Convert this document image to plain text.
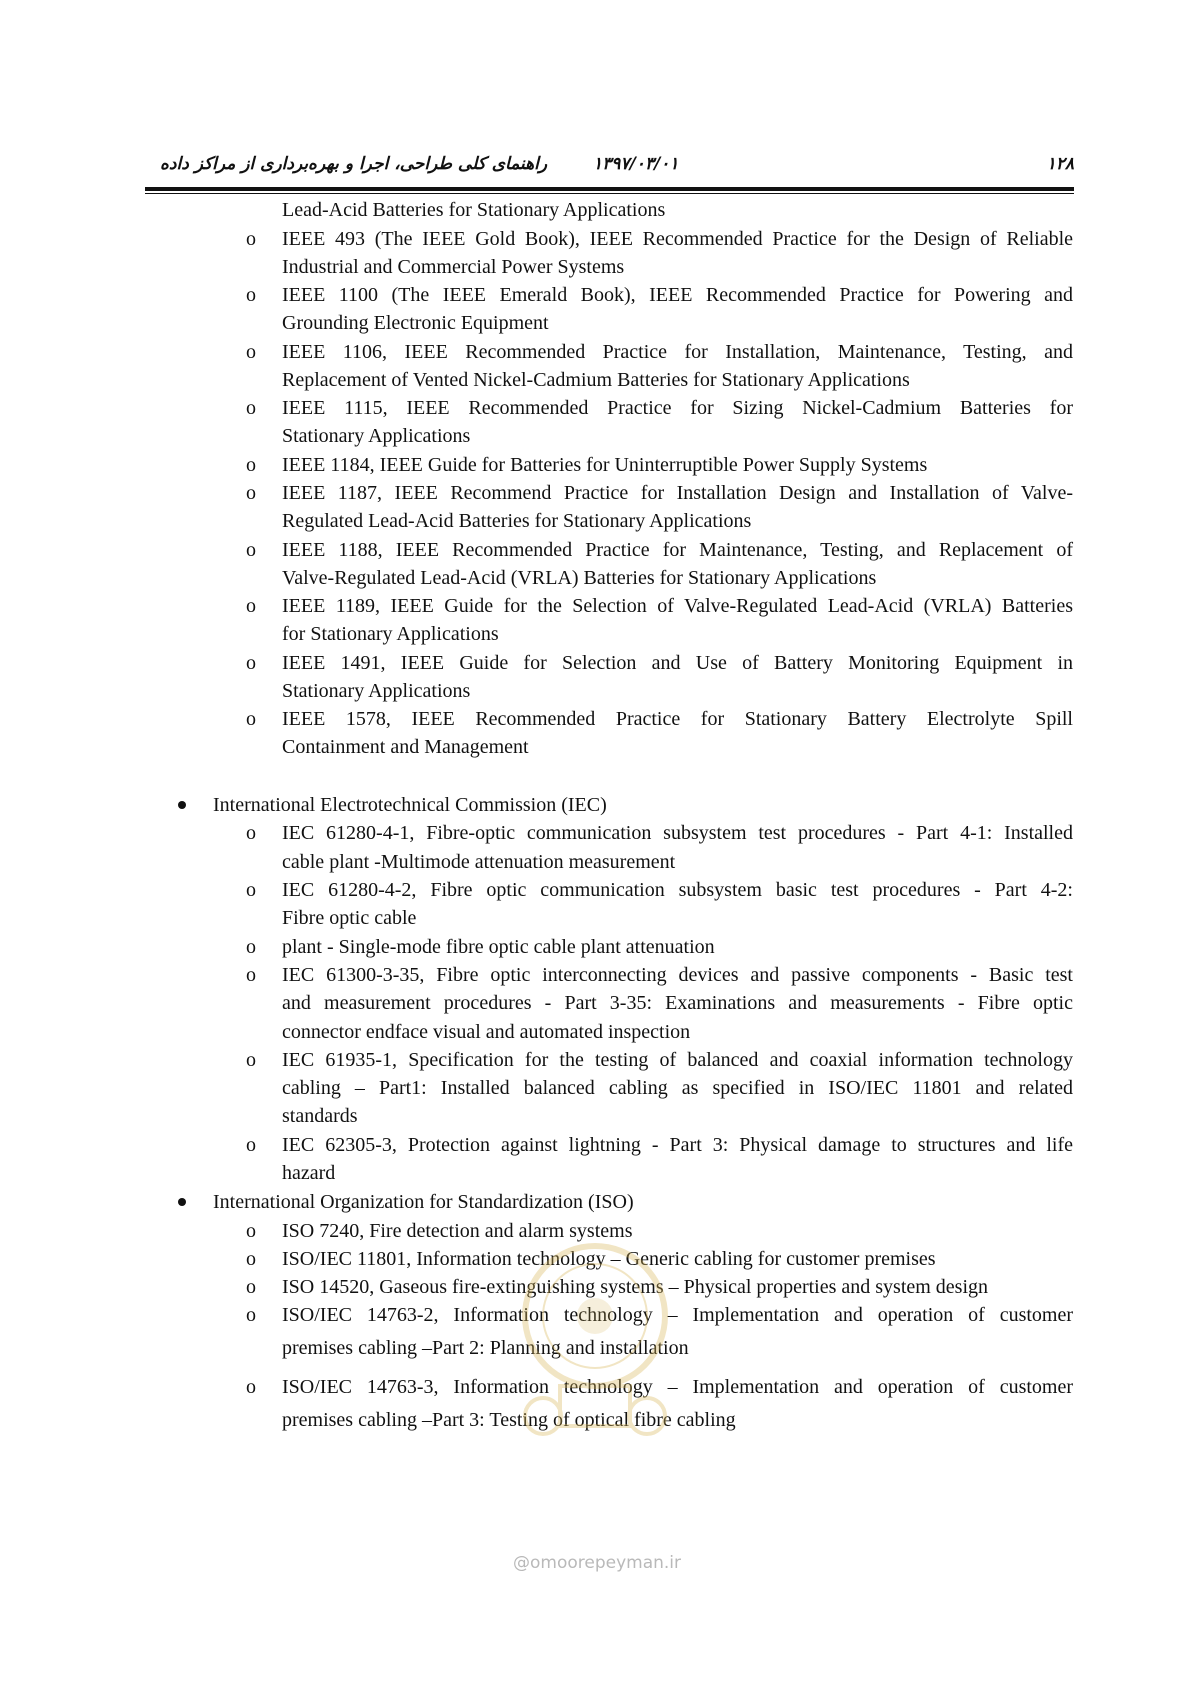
۱۲۸
۱۳۹۷/۰۳/۰۱
راهنمای کلی طراحی، اجرا و بهره‌برداری از مراکز داده
Lead-Acid Batteries for Stationary Applications
o IEEE 493 (The IEEE Gold Book), IEEE Recommended Practice for the Design of Reliable
Industrial and Commercial Power Systems
o IEEE 1100 (The IEEE Emerald Book), IEEE Recommended Practice for Powering and
Grounding Electronic Equipment
o IEEE 1106, IEEE Recommended Practice for Installation, Maintenance, Testing, and
Replacement of Vented Nickel-Cadmium Batteries for Stationary Applications
o IEEE 1115, IEEE Recommended Practice for Sizing Nickel-Cadmium Batteries for
Stationary Applications
o IEEE 1184, IEEE Guide for Batteries for Uninterruptible Power Supply Systems
o IEEE 1187, IEEE Recommend Practice for Installation Design and Installation of Valve-
Regulated Lead-Acid Batteries for Stationary Applications
o IEEE 1188, IEEE Recommended Practice for Maintenance, Testing, and Replacement of
Valve-Regulated Lead-Acid (VRLA) Batteries for Stationary Applications
o IEEE 1189, IEEE Guide for the Selection of Valve-Regulated Lead-Acid (VRLA) Batteries
for Stationary Applications
o IEEE 1491, IEEE Guide for Selection and Use of Battery Monitoring Equipment in
Stationary Applications
o IEEE 1578, IEEE Recommended Practice for Stationary Battery Electrolyte Spill
Containment and Management
International Electrotechnical Commission (IEC)
o IEC 61280-4-1, Fibre-optic communication subsystem test procedures - Part 4-1: Installed
cable plant -Multimode attenuation measurement
o IEC 61280-4-2, Fibre optic communication subsystem basic test procedures - Part 4-2:
Fibre optic cable
o plant - Single-mode fibre optic cable plant attenuation
o IEC 61300-3-35, Fibre optic interconnecting devices and passive components - Basic test
and measurement procedures - Part 3-35: Examinations and measurements - Fibre optic
connector endface visual and automated inspection
o IEC 61935-1, Specification for the testing of balanced and coaxial information technology
cabling – Part1: Installed balanced cabling as specified in ISO/IEC 11801 and related
standards
o IEC 62305-3, Protection against lightning - Part 3: Physical damage to structures and life
hazard
International Organization for Standardization (ISO)
o ISO 7240, Fire detection and alarm systems
o ISO/IEC 11801, Information technology – Generic cabling for customer premises
o ISO 14520, Gaseous fire-extinguishing systems – Physical properties and system design
o ISO/IEC 14763-2, Information technology – Implementation and operation of customer
premises cabling –Part 2: Planning and installation
o ISO/IEC 14763-3, Information technology – Implementation and operation of customer
premises cabling –Part 3: Testing of optical fibre cabling
@omoorepeyman.ir
